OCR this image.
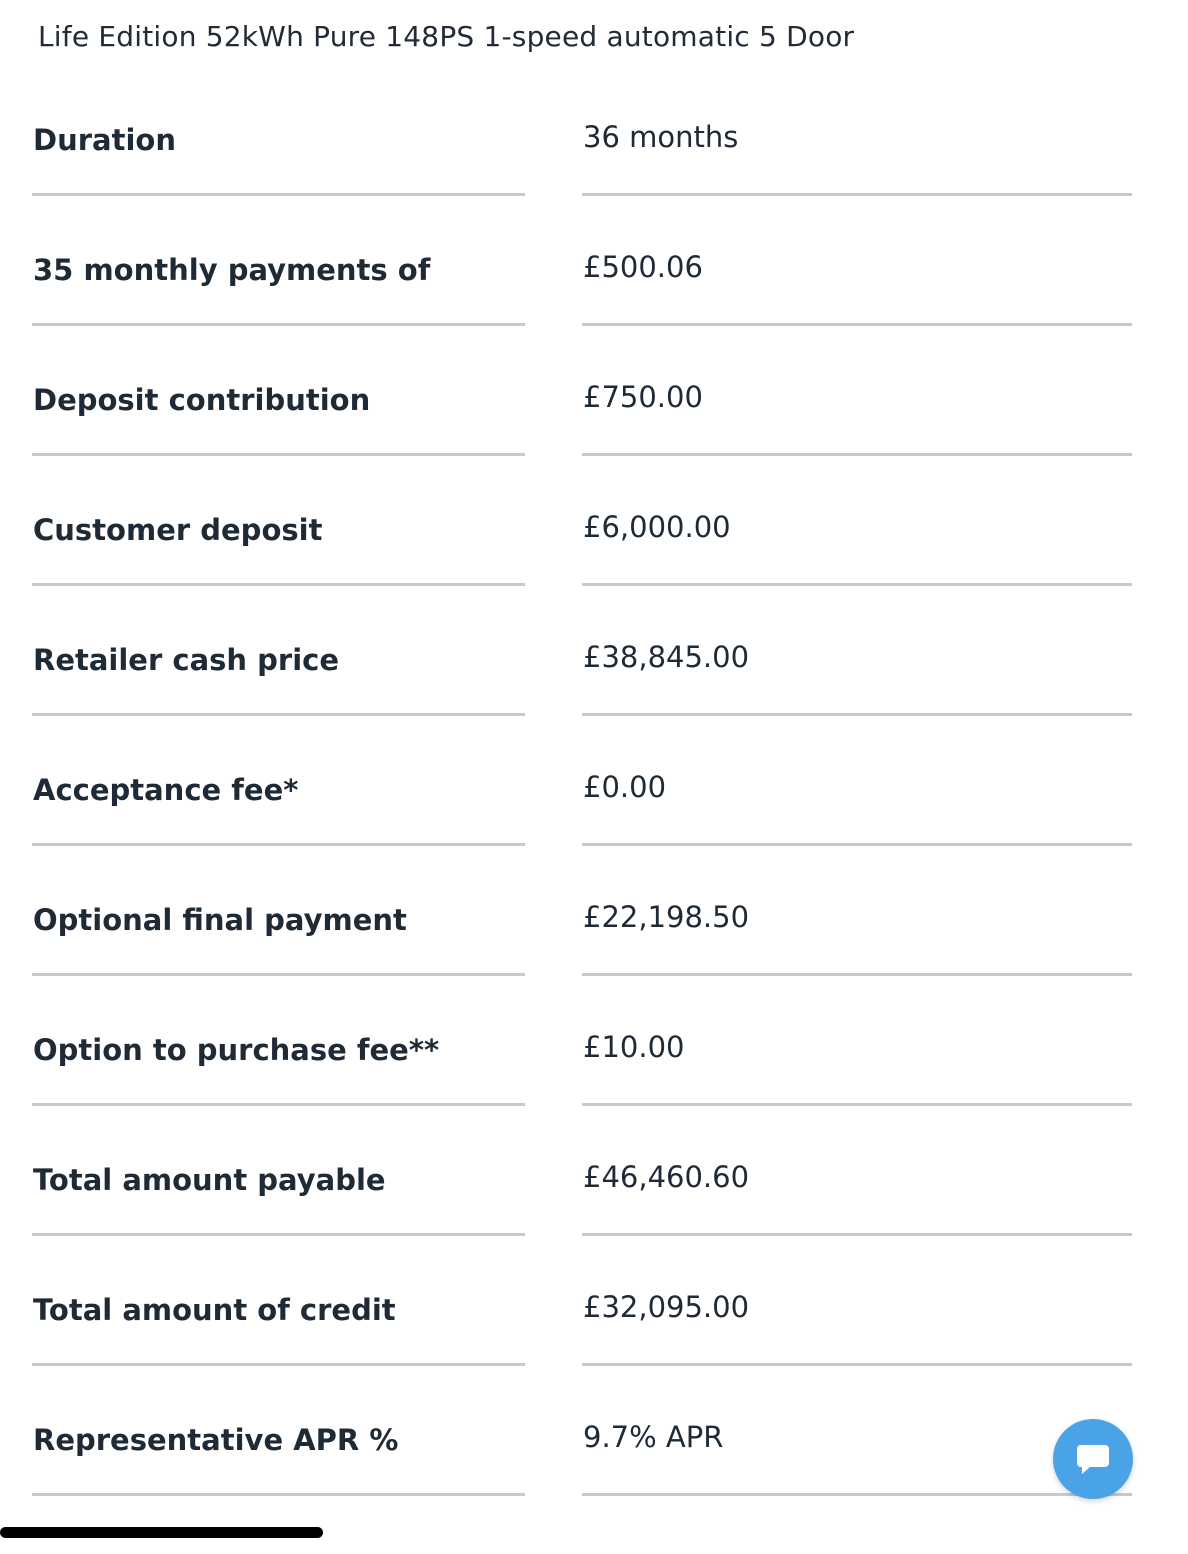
Life Edition 52kWh Pure 148PS 1-speed automatic 5 Door
Duration	36 months
35 monthly payments of	£500.06
Deposit contribution	£750.00
Customer deposit	£6,000.00
Retailer cash price	£38,845.00
Acceptance fee*	£0.00
Optional final payment	£22,198.50
Option to purchase fee**	£10.00
Total amount payable	£46,460.60
Total amount of credit	£32,095.00
Representative APR %	9.7% APR
